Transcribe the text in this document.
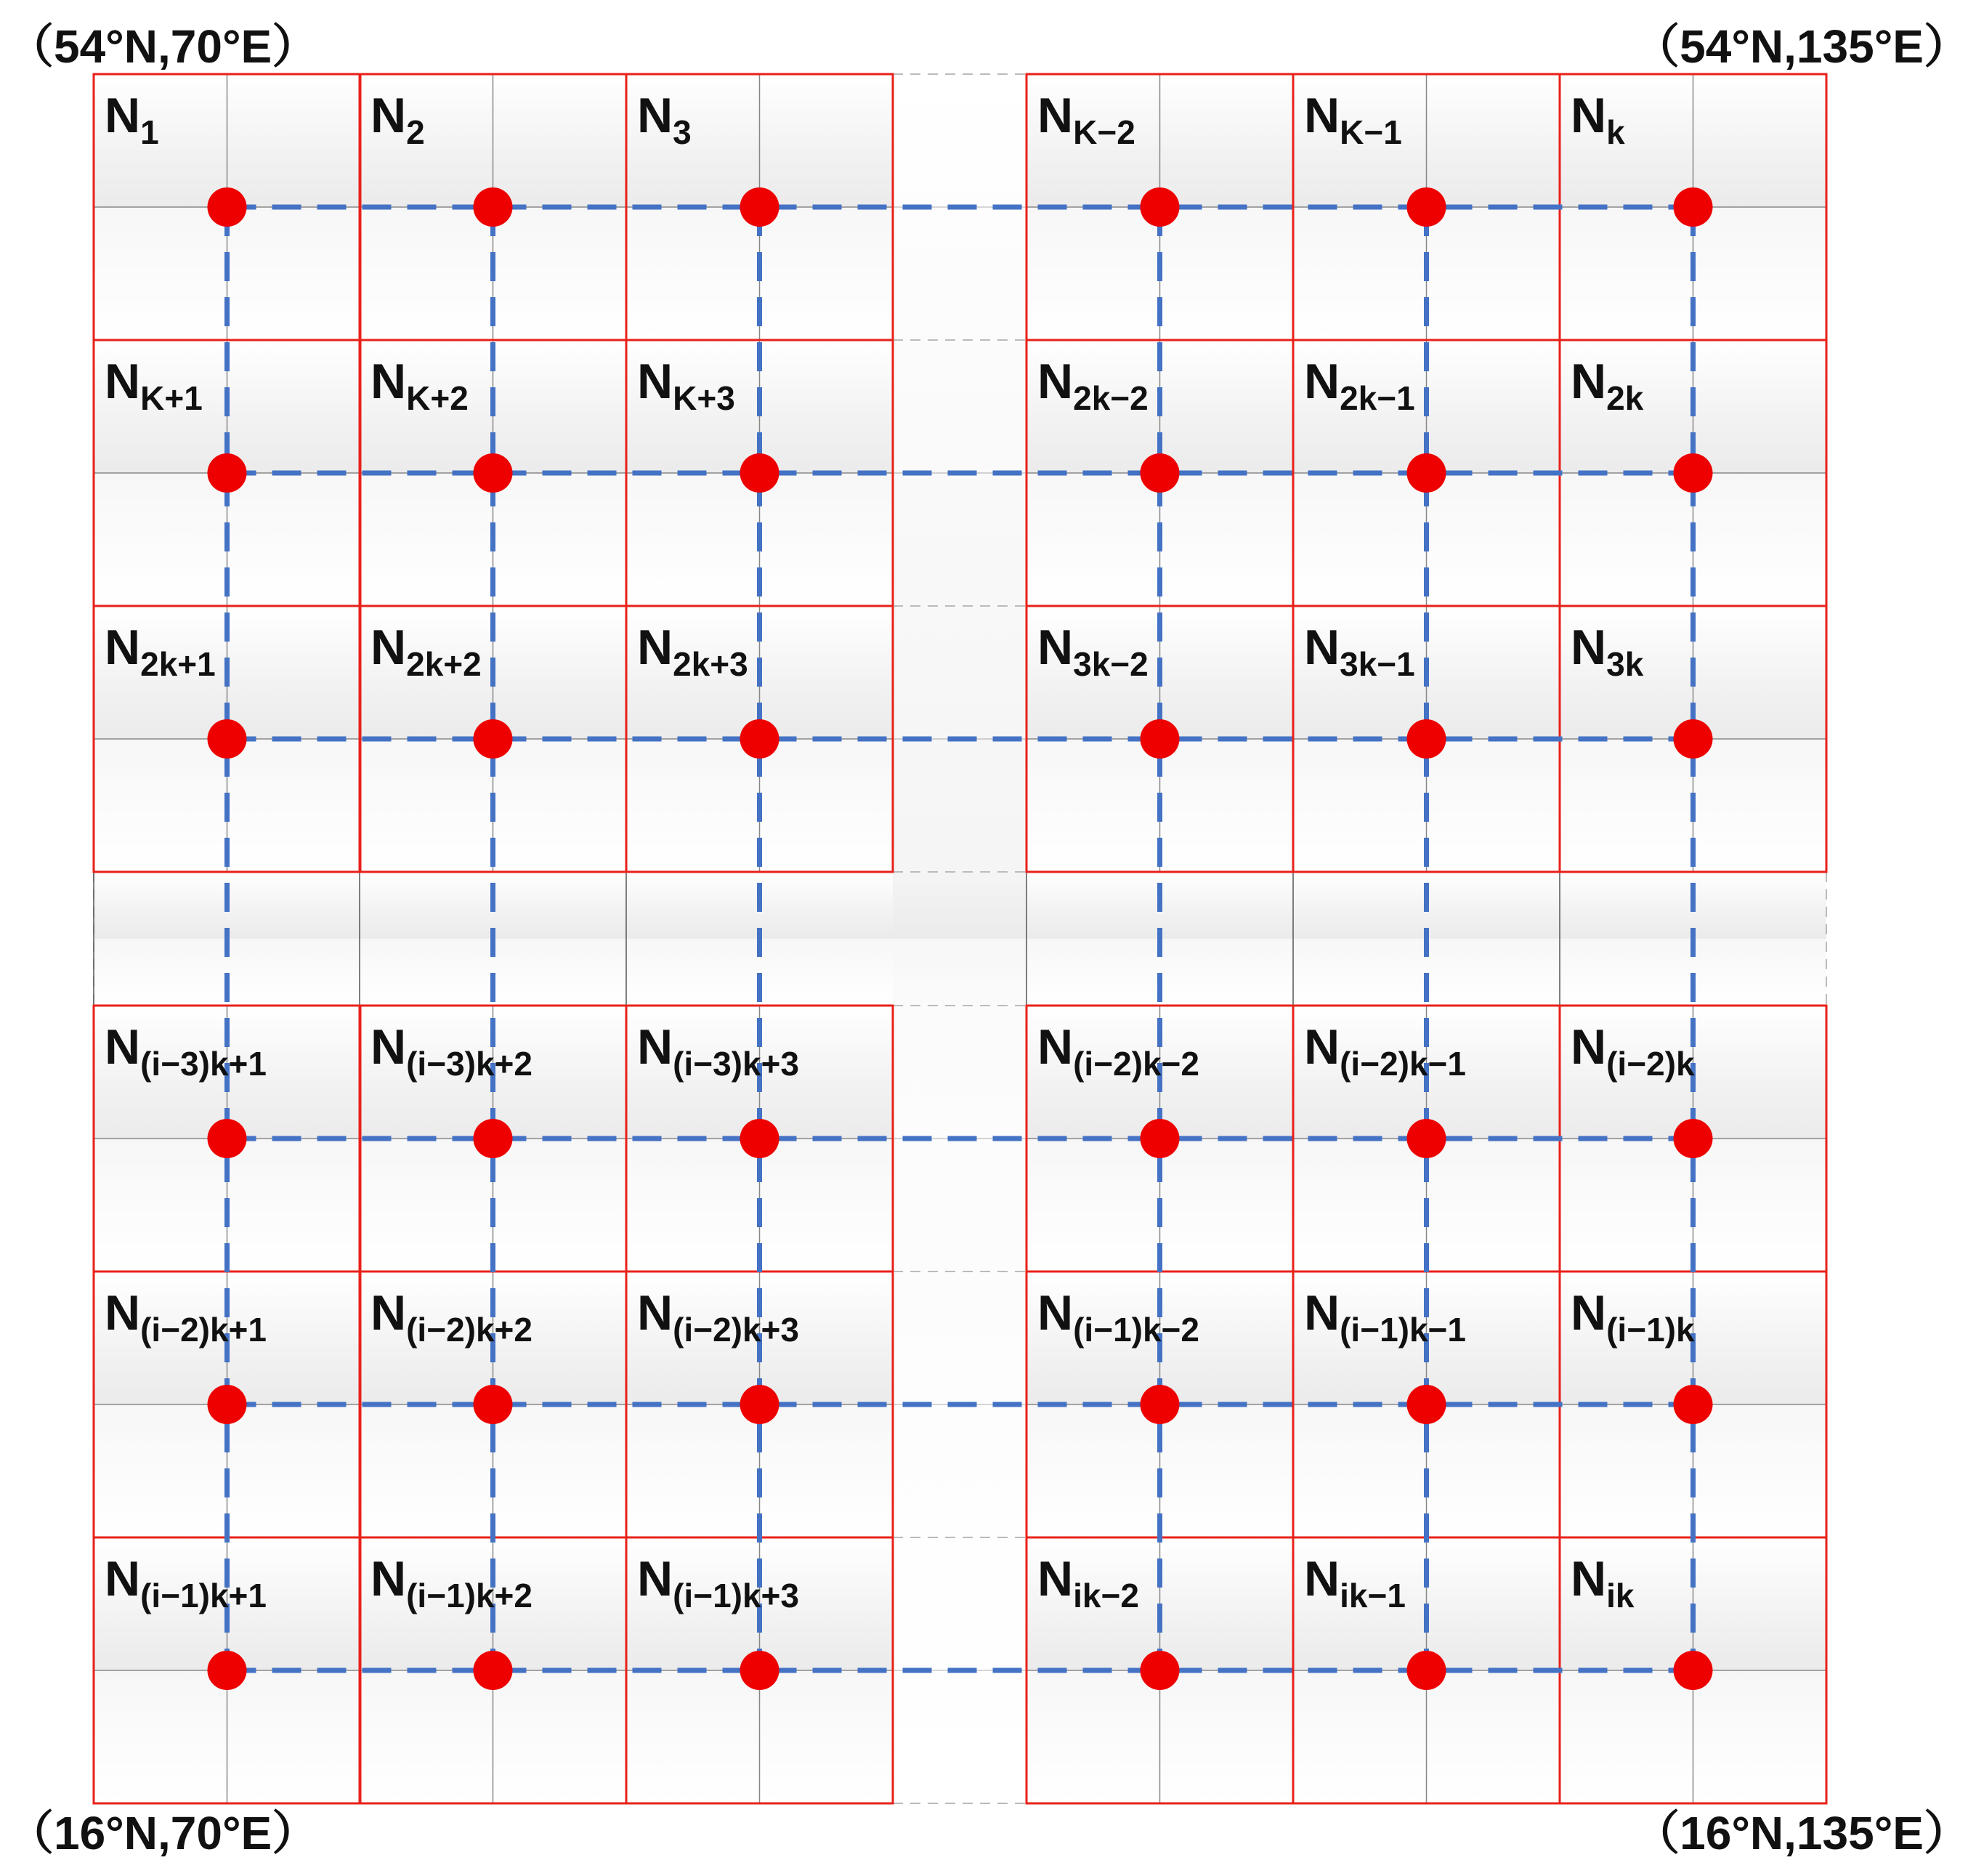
$N_1$	$N_2$	$N_3$	$N_{K-2}$	$N_{K-1}$	$N_k$
$N_{K+1}$	$N_{K+2}$	$N_{K+3}$	$N_{2k-2}$	$N_{2k-1}$	$N_{2k}$
$N_{2k+1}$	$N_{2k+2}$	$N_{2k+3}$	$N_{3k-2}$	$N_{3k-1}$	$N_{3k}$
$N_{(i-3)k+1}$ $N_{(i-3)k+2}$ $N_{(i-3)k+3}$	$N_{(i-2)k-2}$ $N_{(i-2)k-1}$ $N_{(i-2)k}$
$N_{(i-2)k+1}$ $N_{(i-2)k+2}$ $N_{(i-2)k+3}$	$N_{(i-1)k-2}$ $N_{(i-1)k-1}$ $N_{(i-1)k}$
$N_{(i-1)k+1}$ $N_{(i-1)k+2}$ $N_{(i-1)k+3}$	$N_{ik-2}$	$N_{ik-1}$	$N_{ik}$
（54°N,70°E）	（54°N,135°E）
（16°N,70°E）	（16°N,135°E）
